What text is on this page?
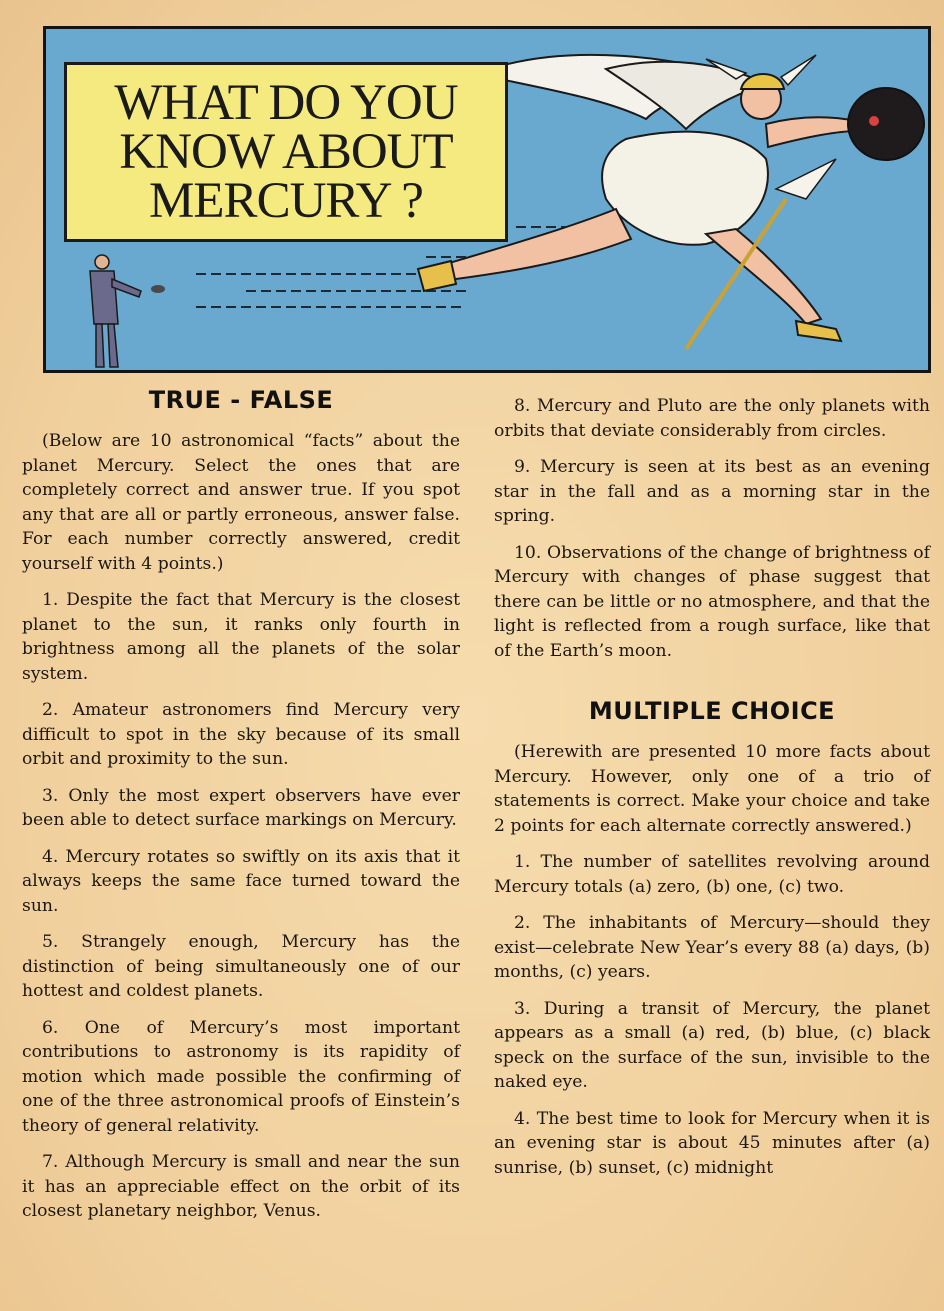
WHAT DO YOU
KNOW ABOUT
MERCURY ?
TRUE - FALSE

(Below are 10 astronomical “facts” about the planet Mercury. Select the ones that are completely correct and answer true. If you spot any that are all or partly erroneous, answer false. For each number correctly answered, credit yourself with 4 points.)

1. Despite the fact that Mercury is the closest planet to the sun, it ranks only fourth in brightness among all the planets of the solar system.

2. Amateur astronomers find Mercury very difficult to spot in the sky because of its small orbit and proximity to the sun.

3. Only the most expert observers have ever been able to detect surface markings on Mercury.

4. Mercury rotates so swiftly on its axis that it always keeps the same face turned toward the sun.

5. Strangely enough, Mercury has the distinction of being simultaneously one of our hottest and coldest planets.

6. One of Mercury’s most important contributions to astronomy is its rapidity of motion which made possible the confirming of one of the three astronomical proofs of Einstein’s theory of general relativity.

7. Although Mercury is small and near the sun it has an appreciable effect on the orbit of its closest planetary neighbor, Venus.

8. Mercury and Pluto are the only planets with orbits that deviate considerably from circles.

9. Mercury is seen at its best as an evening star in the fall and as a morning star in the spring.

10. Observations of the change of brightness of Mercury with changes of phase suggest that there can be little or no atmosphere, and that the light is reflected from a rough surface, like that of the Earth’s moon.

MULTIPLE CHOICE

(Herewith are presented 10 more facts about Mercury. However, only one of a trio of statements is correct. Make your choice and take 2 points for each alternate correctly answered.)

1. The number of satellites revolving around Mercury totals (a) zero, (b) one, (c) two.

2. The inhabitants of Mercury—should they exist—celebrate New Year’s every 88 (a) days, (b) months, (c) years.

3. During a transit of Mercury, the planet appears as a small (a) red, (b) blue, (c) black speck on the surface of the sun, invisible to the naked eye.

4. The best time to look for Mercury when it is an evening star is about 45 minutes after (a) sunrise, (b) sunset, (c) midnight
